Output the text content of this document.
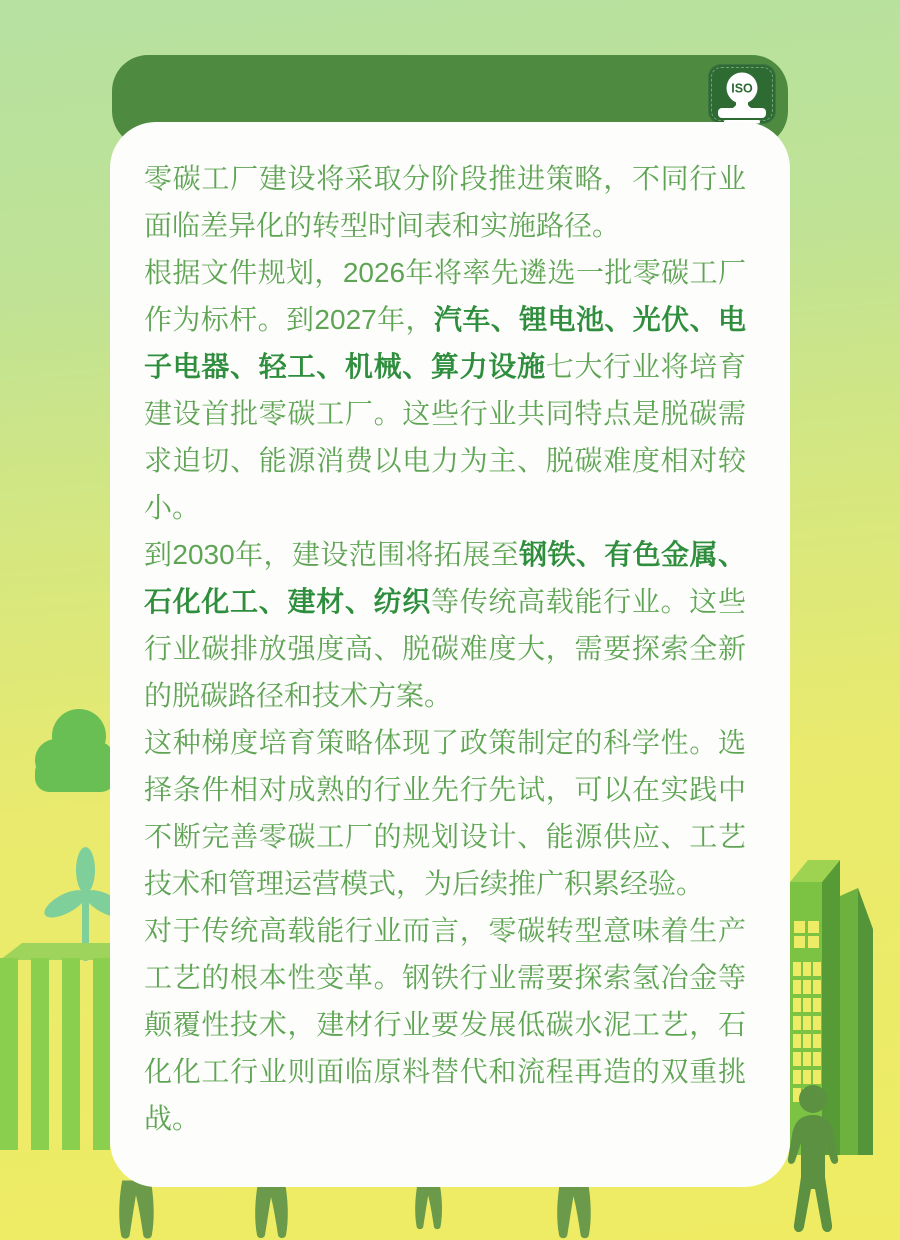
ISO

零碳工厂建设将采取分阶段推进策略，不同行业面临差异化的转型时间表和实施路径。

根据文件规划，2026年将率先遴选一批零碳工厂作为标杆。到2027年，汽车、锂电池、光伏、电子电器、轻工、机械、算力设施七大行业将培育建设首批零碳工厂。这些行业共同特点是脱碳需求迫切、能源消费以电力为主、脱碳难度相对较小。

到2030年，建设范围将拓展至钢铁、有色金属、石化化工、建材、纺织等传统高载能行业。这些行业碳排放强度高、脱碳难度大，需要探索全新的脱碳路径和技术方案。

这种梯度培育策略体现了政策制定的科学性。选择条件相对成熟的行业先行先试，可以在实践中不断完善零碳工厂的规划设计、能源供应、工艺技术和管理运营模式，为后续推广积累经验。

对于传统高载能行业而言，零碳转型意味着生产工艺的根本性变革。钢铁行业需要探索氢冶金等颠覆性技术，建材行业要发展低碳水泥工艺，石化化工行业则面临原料替代和流程再造的双重挑战。
